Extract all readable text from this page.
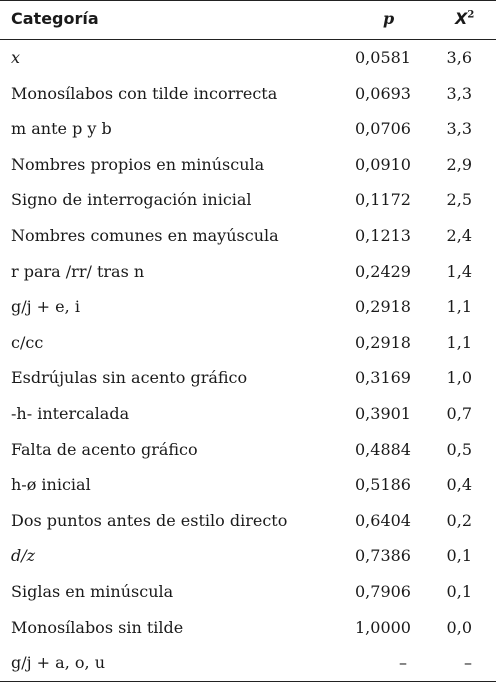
Categoría	p	$X^2$
x	0,0581	3,6
Monosílabos con tilde incorrecta	0,0693	3,3
m ante p y b	0,0706	3,3
Nombres propios en minúscula	0,0910	2,9
Signo de interrogación inicial	0,1172	2,5
Nombres comunes en mayúscula	0,1213	2,4
r para /rr/ tras n	0,2429	1,4
g/j + e, i	0,2918	1,1
c/cc	0,2918	1,1
Esdrújulas sin acento gráfico	0,3169	1,0
-h- intercalada	0,3901	0,7
Falta de acento gráfico	0,4884	0,5
h-ø inicial	0,5186	0,4
Dos puntos antes de estilo directo	0,6404	0,2
d/z	0,7386	0,1
Siglas en minúscula	0,7906	0,1
Monosílabos sin tilde	1,0000	0,0
g/j + a, o, u	–	–
